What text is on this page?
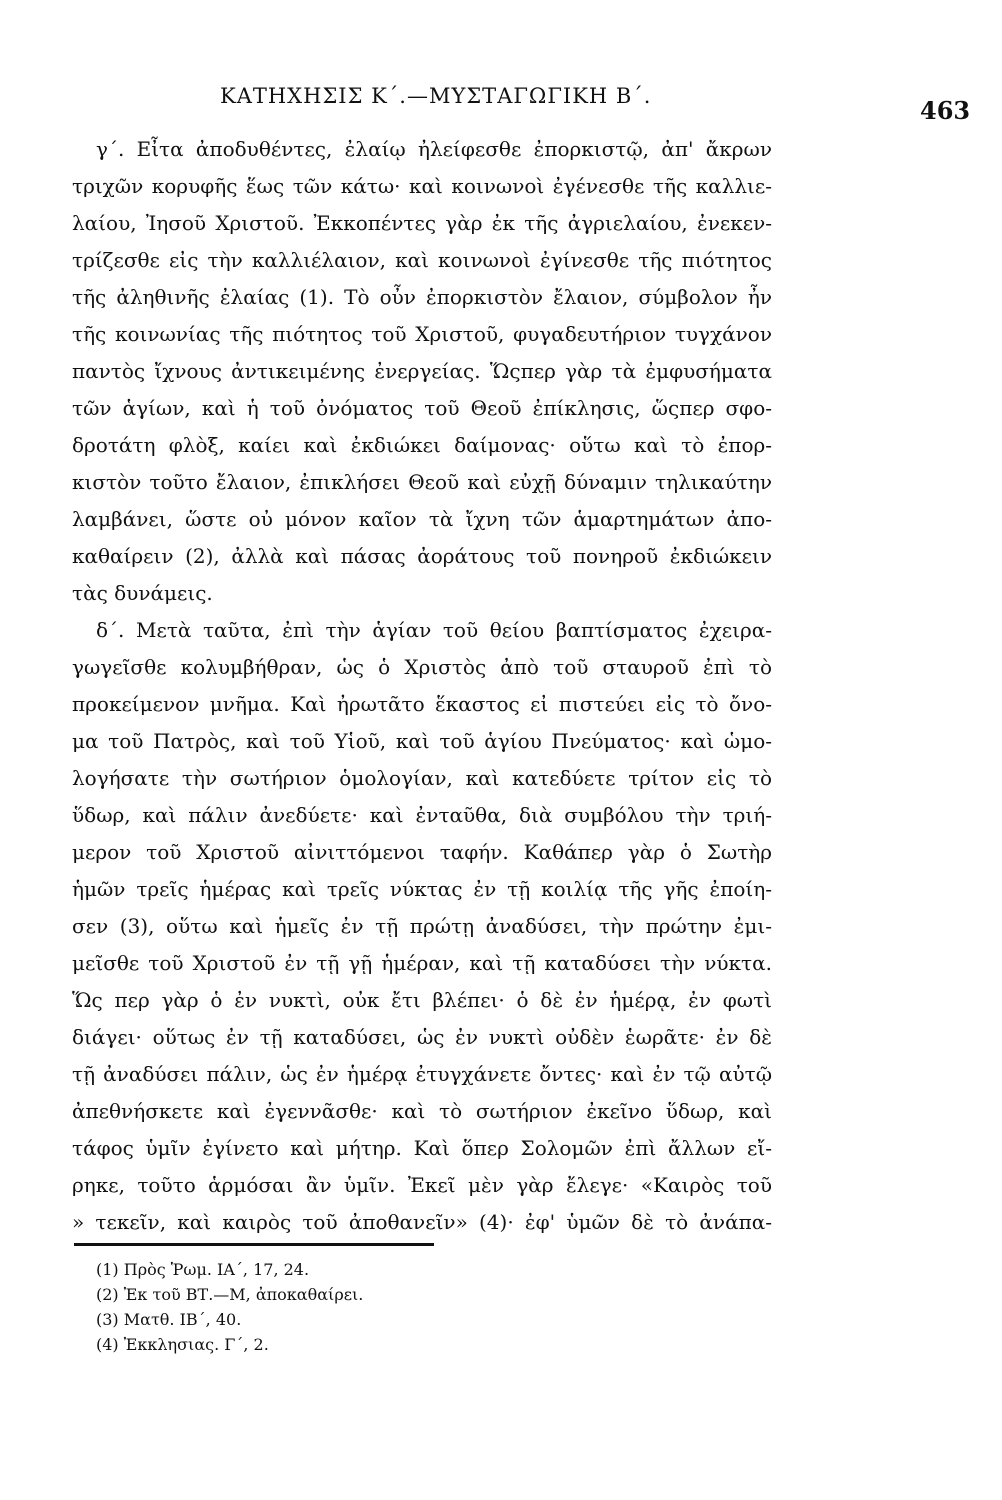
ΚΑΤΗΧΗΣΙΣ Κ΄.—ΜΥΣΤΑΓΩΓΙΚΗ Β΄.	463
γ΄. Εἶτα ἀποδυθέντες, ἐλαίῳ ἠλείφεσθε ἐπορκιστῷ, ἀπ' ἄκρων
τριχῶν κορυφῆς ἕως τῶν κάτω· καὶ κοινωνοὶ ἐγένεσθε τῆς καλλιε-
λαίου, Ἰησοῦ Χριστοῦ. Ἐκκοπέντες γὰρ ἐκ τῆς ἀγριελαίου, ἐνεκεν-
τρίζεσθε εἰς τὴν καλλιέλαιον, καὶ κοινωνοὶ ἐγίνεσθε τῆς πιότητος
τῆς ἀληθινῆς ἐλαίας (1). Τὸ οὖν ἐπορκιστὸν ἔλαιον, σύμβολον ἦν
τῆς κοινωνίας τῆς πιότητος τοῦ Χριστοῦ, φυγαδευτήριον τυγχάνον
παντὸς ἴχνους ἀντικειμένης ἐνεργείας. Ὥςπερ γὰρ τὰ ἐμφυσήματα
τῶν ἁγίων, καὶ ἡ τοῦ ὀνόματος τοῦ Θεοῦ ἐπίκλησις, ὥςπερ σφο-
δροτάτη φλὸξ, καίει καὶ ἐκδιώκει δαίμονας· οὕτω καὶ τὸ ἐπορ-
κιστὸν τοῦτο ἔλαιον, ἐπικλήσει Θεοῦ καὶ εὐχῇ δύναμιν τηλικαύτην
λαμβάνει, ὥστε οὐ μόνον καῖον τὰ ἴχνη τῶν ἁμαρτημάτων ἀπο-
καθαίρειν (2), ἀλλὰ καὶ πάσας ἀοράτους τοῦ πονηροῦ ἐκδιώκειν
τὰς δυνάμεις.
δ΄. Μετὰ ταῦτα, ἐπὶ τὴν ἁγίαν τοῦ θείου βαπτίσματος ἐχειρα-
γωγεῖσθε κολυμβήθραν, ὡς ὁ Χριστὸς ἀπὸ τοῦ σταυροῦ ἐπὶ τὸ
προκείμενον μνῆμα. Καὶ ἠρωτᾶτο ἕκαστος εἰ πιστεύει εἰς τὸ ὄνο-
μα τοῦ Πατρὸς, καὶ τοῦ Υἱοῦ, καὶ τοῦ ἁγίου Πνεύματος· καὶ ὡμο-
λογήσατε τὴν σωτήριον ὁμολογίαν, καὶ κατεδύετε τρίτον εἰς τὸ
ὕδωρ, καὶ πάλιν ἀνεδύετε· καὶ ἐνταῦθα, διὰ συμβόλου τὴν τριή-
μερον τοῦ Χριστοῦ αἰνιττόμενοι ταφήν. Καθάπερ γὰρ ὁ Σωτὴρ
ἡμῶν τρεῖς ἡμέρας καὶ τρεῖς νύκτας ἐν τῇ κοιλίᾳ τῆς γῆς ἐποίη-
σεν (3), οὕτω καὶ ἡμεῖς ἐν τῇ πρώτῃ ἀναδύσει, τὴν πρώτην ἐμι-
μεῖσθε τοῦ Χριστοῦ ἐν τῇ γῇ ἡμέραν, καὶ τῇ καταδύσει τὴν νύκτα.
Ὥς περ γὰρ ὁ ἐν νυκτὶ, οὐκ ἔτι βλέπει· ὁ δὲ ἐν ἡμέρᾳ, ἐν φωτὶ
διάγει· οὕτως ἐν τῇ καταδύσει, ὡς ἐν νυκτὶ οὐδὲν ἑωρᾶτε· ἐν δὲ
τῇ ἀναδύσει πάλιν, ὡς ἐν ἡμέρᾳ ἐτυγχάνετε ὄντες· καὶ ἐν τῷ αὐτῷ
ἀπεθνήσκετε καὶ ἐγεννᾶσθε· καὶ τὸ σωτήριον ἐκεῖνο ὕδωρ, καὶ
τάφος ὑμῖν ἐγίνετο καὶ μήτηρ. Καὶ ὅπερ Σολομῶν ἐπὶ ἄλλων εἴ-
ρηκε, τοῦτο ἁρμόσαι ἂν ὑμῖν. Ἐκεῖ μὲν γὰρ ἔλεγε· «Καιρὸς τοῦ
» τεκεῖν, καὶ καιρὸς τοῦ ἀποθανεῖν» (4)· ἐφ' ὑμῶν δὲ τὸ ἀνάπα-
(1) Πρὸς Ῥωμ. ΙΑ΄, 17, 24.
(2) Ἐκ τοῦ ΒΤ.—Μ, ἀποκαθαίρει.
(3) Ματθ. ΙΒ΄, 40.
(4) Ἐκκλησιας. Γ΄, 2.
